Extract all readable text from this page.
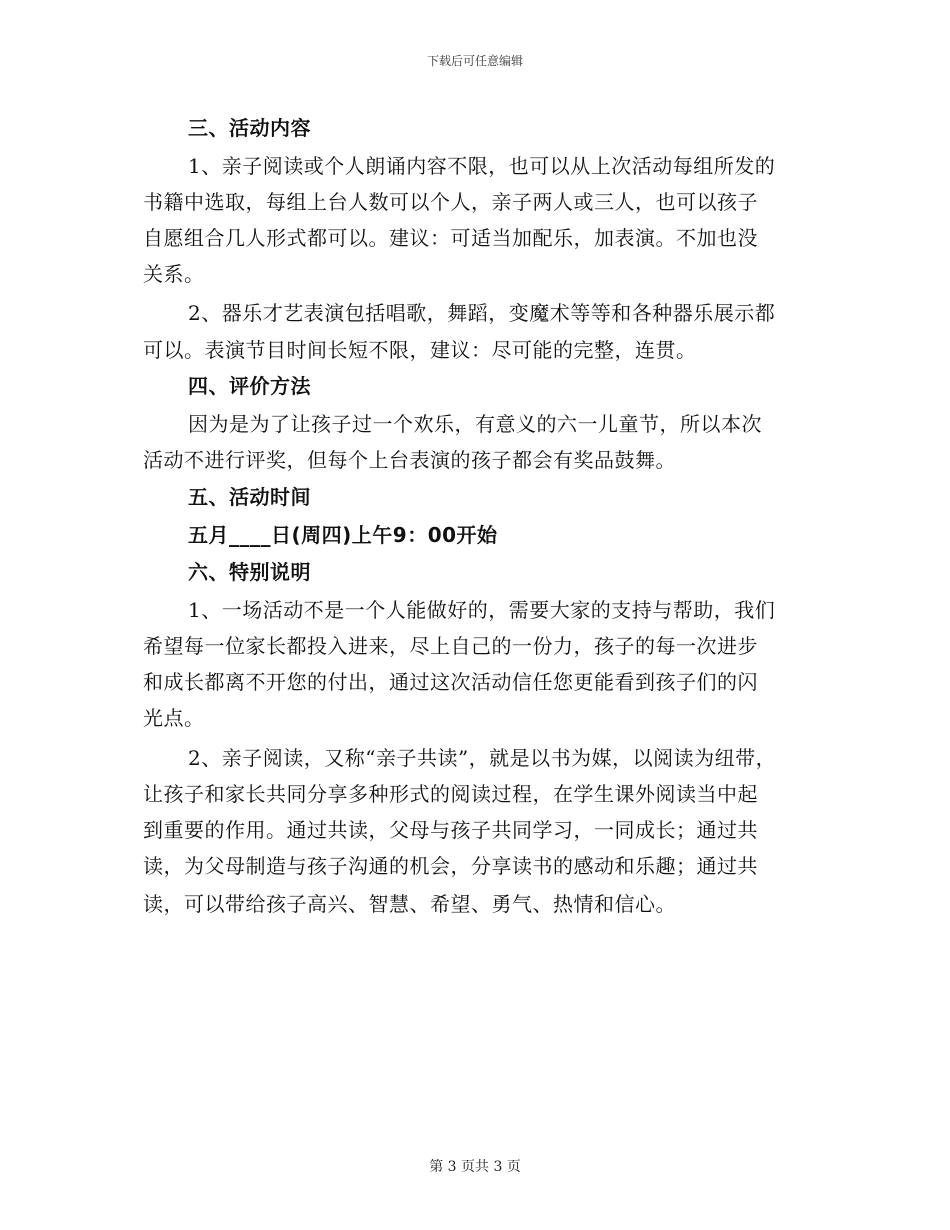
下载后可任意编辑
三、活动内容
1、亲子阅读或个人朗诵内容不限，也可以从上次活动每组所发的
书籍中选取，每组上台人数可以个人，亲子两人或三人，也可以孩子
自愿组合几人形式都可以。建议：可适当加配乐，加表演。不加也没
关系。
2、器乐才艺表演包括唱歌，舞蹈，变魔术等等和各种器乐展示都
可以。表演节目时间长短不限，建议：尽可能的完整，连贯。
四、评价方法
因为是为了让孩子过一个欢乐，有意义的六一儿童节，所以本次
活动不进行评奖，但每个上台表演的孩子都会有奖品鼓舞。
五、活动时间
五月____日(周四)上午9：00开始
六、特别说明
1、一场活动不是一个人能做好的，需要大家的支持与帮助，我们
希望每一位家长都投入进来，尽上自己的一份力，孩子的每一次进步
和成长都离不开您的付出，通过这次活动信任您更能看到孩子们的闪
光点。
2、亲子阅读，又称“亲子共读”，就是以书为媒，以阅读为纽带，
让孩子和家长共同分享多种形式的阅读过程，在学生课外阅读当中起
到重要的作用。通过共读，父母与孩子共同学习，一同成长；通过共
读，为父母制造与孩子沟通的机会，分享读书的感动和乐趣；通过共
读，可以带给孩子高兴、智慧、希望、勇气、热情和信心。
第 3 页共 3 页
